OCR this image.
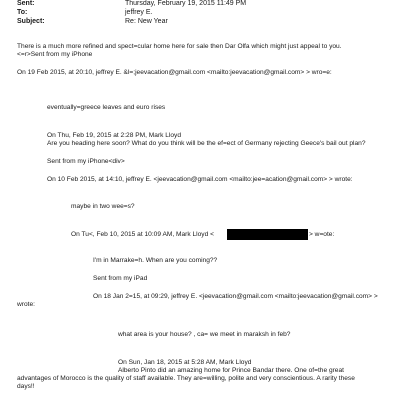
Sent:	Thursday, February 19, 2015 11:49 PM
To:	jeffrey E.
Subject:	Re: New Year
There is a much more refined and spect=cular home here for sale then Dar Olfa which might just appeal to you.
<=r>Sent from my iPhone
On 19 Feb 2015, at 20:10, jeffrey E. &l=;jeevacation@gmail.com <mailto:jeevacation@gmail.com> > wro=e:
eventually=greece leaves and euro rises
On Thu, Feb 19, 2015 at 2:28 PM, Mark Lloyd
Are you heading here soon? What do you think will be the ef=ect of Germany rejecting Geece's bail out plan?
Sent from my iPhone<div>
On 10 Feb 2015, at 14:10, jeffrey E. <jeevacation@gmail.com <mailto:jee=acation@gmail.com> > wrote:
maybe in two wee=s?
On Tu<, Feb 10, 2015 at 10:09 AM, Mark Lloyd <	> w=ote:
I'm in Marrake=h. When are you coming??
Sent from my iPad
On 18 Jan 2=15, at 09:29, jeffrey E. <jeevacation@gmail.com <mailto:jeevacation@gmail.com> >
wrote:
what area is your house? , ca= we meet in maraksh in feb?
On Sun, Jan 18, 2015 at 5:28 AM, Mark Lloyd
Alberto Pinto did an amazing home for Prince Bandar there. One of=the great
advantages of Morocco is the quality of staff available. They are=willing, polite and very conscientious. A rarity these
days!!
